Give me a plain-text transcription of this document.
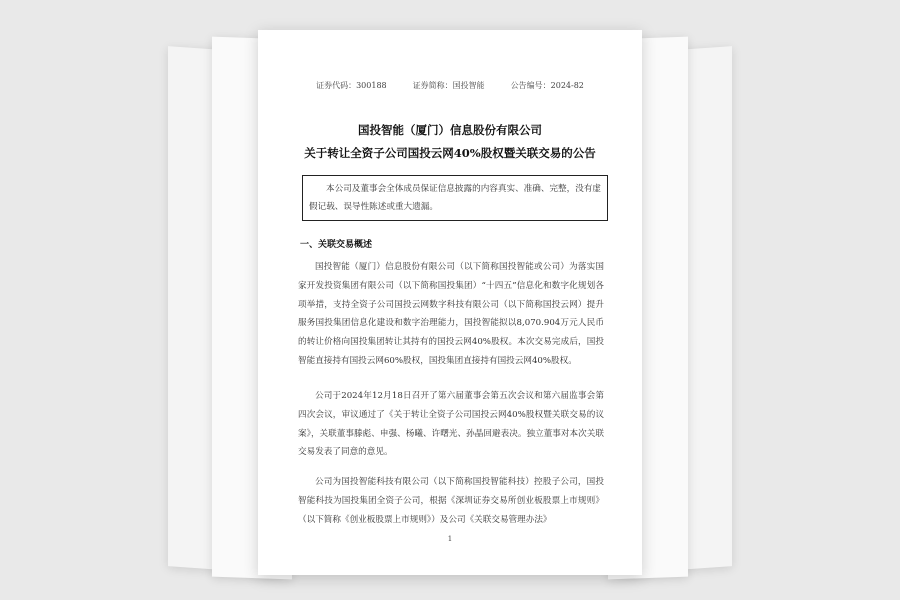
证券代码：300188	证券简称：国投智能	公告编号：2024-82
国投智能（厦门）信息股份有限公司
关于转让全资子公司国投云网40%股权暨关联交易的公告
本公司及董事会全体成员保证信息披露的内容真实、准确、完整，没有虚假记载、误导性陈述或重大遗漏。
一、关联交易概述
国投智能（厦门）信息股份有限公司（以下简称国投智能或公司）为落实国家开发投资集团有限公司（以下简称国投集团）“十四五”信息化和数字化规划各项举措，支持全资子公司国投云网数字科技有限公司（以下简称国投云网）提升服务国投集团信息化建设和数字治理能力，国投智能拟以8,070.904万元人民币的转让价格向国投集团转让其持有的国投云网40%股权。本次交易完成后，国投智能直接持有国投云网60%股权，国投集团直接持有国投云网40%股权。
公司于2024年12月18日召开了第六届董事会第五次会议和第六届监事会第四次会议，审议通过了《关于转让全资子公司国投云网40%股权暨关联交易的议案》，关联董事滕彪、申强、杨曦、许曙光、孙晶回避表决。独立董事对本次关联交易发表了同意的意见。
公司为国投智能科技有限公司（以下简称国投智能科技）控股子公司，国投智能科技为国投集团全资子公司，根据《深圳证券交易所创业板股票上市规则》（以下简称《创业板股票上市规则》）及公司《关联交易管理办法》
1
